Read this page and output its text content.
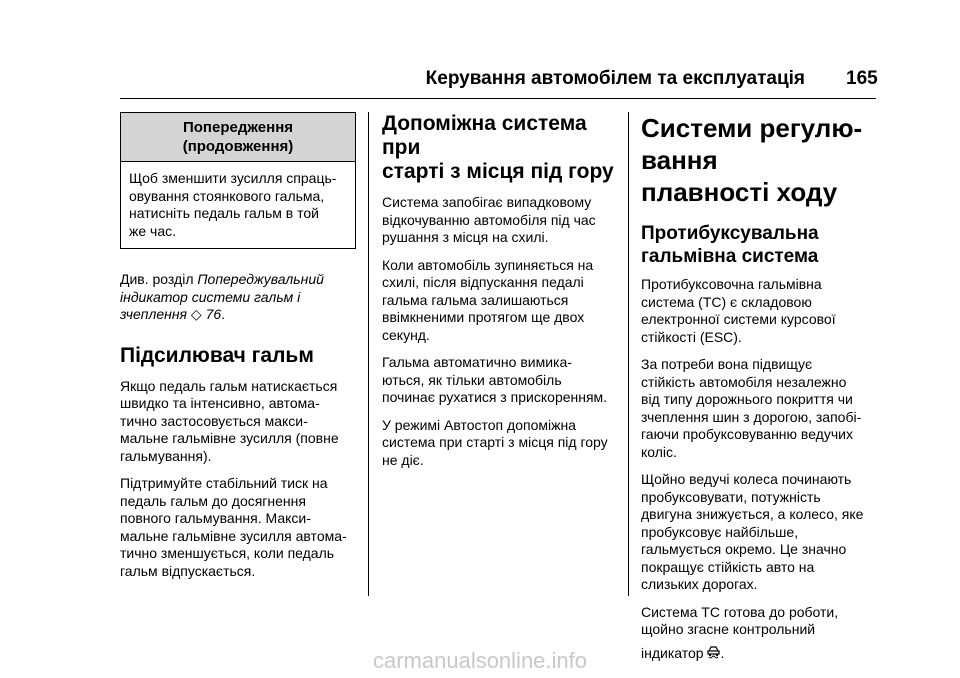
Керування автомобілем та експлуатація 165
Попередження
(продовження)
Щоб зменшити зусилля спраць-
овування стоянкового гальма,
натисніть педаль гальм в той
же час.

Див. розділ Попереджувальний
індикатор системи гальм і
зчеплення ◇ 76.

Підсилювач гальм

Якщо педаль гальм натискається
швидко та інтенсивно, автома-
тично застосовується макси-
мальне гальмівне зусилля (повне
гальмування).

Підтримуйте стабільний тиск на
педаль гальм до досягнення
повного гальмування. Макси-
мальне гальмівне зусилля автома-
тично зменшується, коли педаль
гальм відпускається.

Допоміжна система при
старті з місця під гору

Система запобігає випадковому
відкочуванню автомобіля під час
рушання з місця на схилі.

Коли автомобіль зупиняється на
схилі, після відпускання педалі
гальма гальма залишаються
ввімкненими протягом ще двох
секунд.

Гальма автоматично вимика-
ються, як тільки автомобіль
починає рухатися з прискоренням.

У режимі Автостоп допоміжна
система при старті з місця під гору
не діє.

Системи регулю-
вання
плавності ходу
Протибуксувальна
гальмівна система

Протибуксовочна гальмівна
система (ТС) є складовою
електронної системи курсової
стійкості (ESC).

За потреби вона підвищує
стійкість автомобіля незалежно
від типу дорожнього покриття чи
зчеплення шин з дорогою, запобі-
гаючи пробуксовуванню ведучих
коліс.

Щойно ведучі колеса починають
пробуксовувати, потужність
двигуна знижується, а колесо, яке
пробуксовує найбільше,
гальмується окремо. Це значно
покращує стійкість авто на
слизьких дорогах.

Система ТС готова до роботи,
щойно згасне контрольний

індикатор .

carmanualsonline.info
